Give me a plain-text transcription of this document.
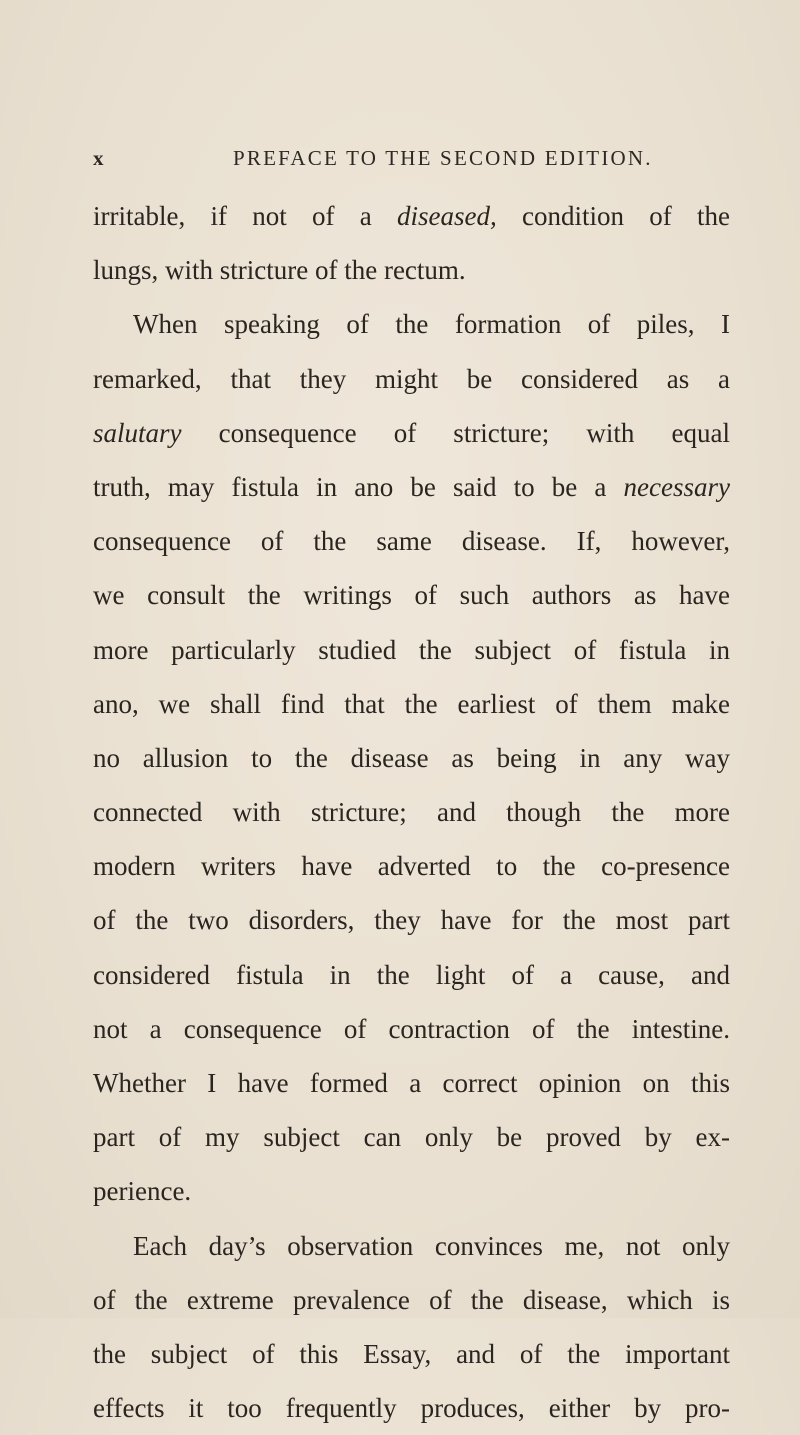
x	PREFACE TO THE SECOND EDITION.
irritable, if not of a diseased, condition of the
lungs, with stricture of the rectum.
When speaking of the formation of piles, I
remarked, that they might be considered as a
salutary consequence of stricture; with equal
truth, may fistula in ano be said to be a necessary
consequence of the same disease. If, however,
we consult the writings of such authors as have
more particularly studied the subject of fistula in
ano, we shall find that the earliest of them make
no allusion to the disease as being in any way
connected with stricture; and though the more
modern writers have adverted to the co-presence
of the two disorders, they have for the most part
considered fistula in the light of a cause, and
not a consequence of contraction of the intestine.
Whether I have formed a correct opinion on this
part of my subject can only be proved by ex-
perience.
Each day’s observation convinces me, not only
of the extreme prevalence of the disease, which is
the subject of this Essay, and of the important
effects it too frequently produces, either by pro-
